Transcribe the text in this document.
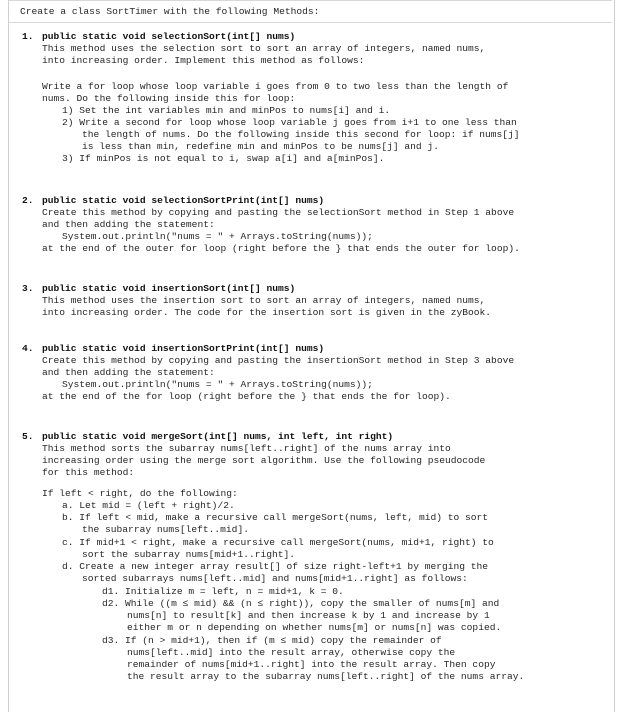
Create a class SortTimer with the following Methods:
1. public static void selectionSort(int[] nums)
This method uses the selection sort to sort an array of integers, named nums,
into increasing order. Implement this method as follows:
Write a for loop whose loop variable i goes from 0 to two less than the length of
nums. Do the following inside this for loop:
1) Set the int variables min and minPos to nums[i] and i.
2) Write a second for loop whose loop variable j goes from i+1 to one less than
the length of nums. Do the following inside this second for loop: if nums[j]
is less than min, redefine min and minPos to be nums[j] and j.
3) If minPos is not equal to i, swap a[i] and a[minPos].
2. public static void selectionSortPrint(int[] nums)
Create this method by copying and pasting the selectionSort method in Step 1 above
and then adding the statement:
System.out.println("nums = " + Arrays.toString(nums));
at the end of the outer for loop (right before the } that ends the outer for loop).
3. public static void insertionSort(int[] nums)
This method uses the insertion sort to sort an array of integers, named nums,
into increasing order. The code for the insertion sort is given in the zyBook.
4. public static void insertionSortPrint(int[] nums)
Create this method by copying and pasting the insertionSort method in Step 3 above
and then adding the statement:
System.out.println("nums = " + Arrays.toString(nums));
at the end of the for loop (right before the } that ends the for loop).
5. public static void mergeSort(int[] nums, int left, int right)
This method sorts the subarray nums[left..right] of the nums array into
increasing order using the merge sort algorithm. Use the following pseudocode
for this method:
If left < right, do the following:
a. Let mid = (left + right)/2.
b. If left < mid, make a recursive call mergeSort(nums, left, mid) to sort
the subarray nums[left..mid].
c. If mid+1 < right, make a recursive call mergeSort(nums, mid+1, right) to
sort the subarray nums[mid+1..right].
d. Create a new integer array result[] of size right-left+1 by merging the
sorted subarrays nums[left..mid] and nums[mid+1..right] as follows:
d1. Initialize m = left, n = mid+1, k = 0.
d2. While ((m ≤ mid) && (n ≤ right)), copy the smaller of nums[m] and
nums[n] to result[k] and then increase k by 1 and increase by 1
either m or n depending on whether nums[m] or nums[n] was copied.
d3. If (n > mid+1), then if (m ≤ mid) copy the remainder of
nums[left..mid] into the result array, otherwise copy the
remainder of nums[mid+1..right] into the result array. Then copy
the result array to the subarray nums[left..right] of the nums array.
